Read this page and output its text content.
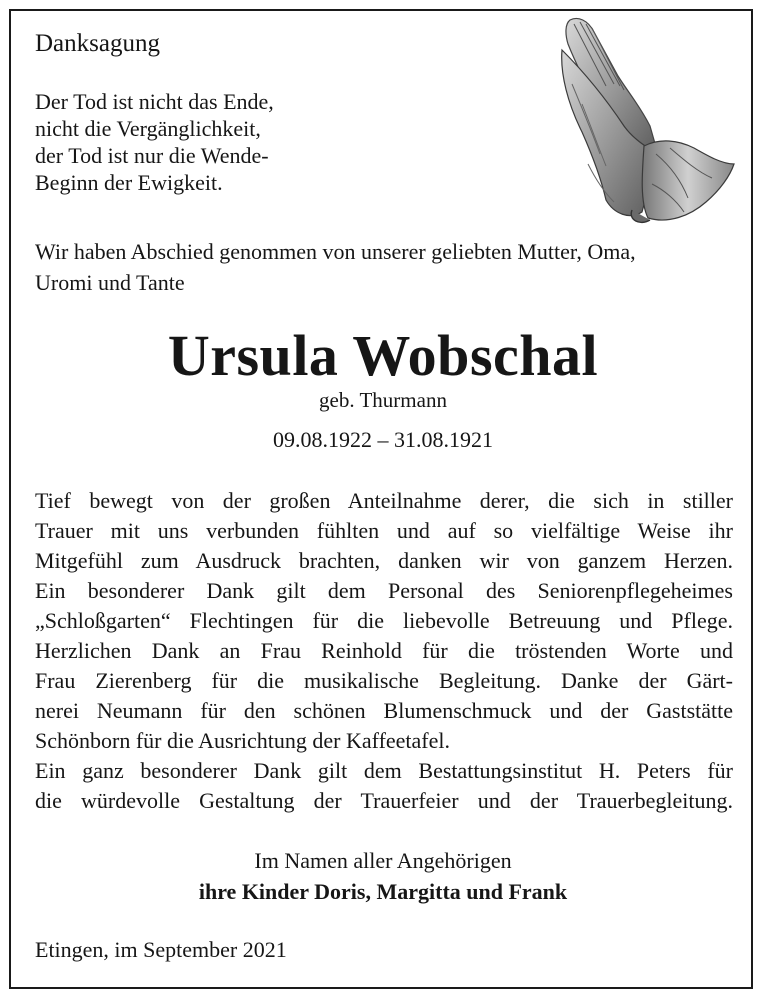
Danksagung
Der Tod ist nicht das Ende,
nicht die Vergänglichkeit,
der Tod ist nur die Wende-
Beginn der Ewigkeit.
Wir haben Abschied genommen von unserer geliebten Mutter, Oma,
Uromi und Tante
Ursula Wobschal
geb. Thurmann
09.08.1922 – 31.08.1921
Tief bewegt von der großen Anteilnahme derer, die sich in stiller
Trauer mit uns verbunden fühlten und auf so vielfältige Weise ihr
Mitgefühl zum Ausdruck brachten, danken wir von ganzem Herzen.
Ein besonderer Dank gilt dem Personal des Seniorenpflegeheimes
„Schloßgarten“ Flechtingen für die liebevolle Betreuung und Pflege.
Herzlichen Dank an Frau Reinhold für die tröstenden Worte und
Frau Zierenberg für die musikalische Begleitung. Danke der Gärt-
nerei Neumann für den schönen Blumenschmuck und der Gaststätte
Schönborn für die Ausrichtung der Kaffeetafel.
Ein ganz besonderer Dank gilt dem Bestattungsinstitut H. Peters für
die würdevolle Gestaltung der Trauerfeier und der Trauerbegleitung.
Im Namen aller Angehörigen
ihre Kinder Doris, Margitta und Frank
Etingen, im September 2021
